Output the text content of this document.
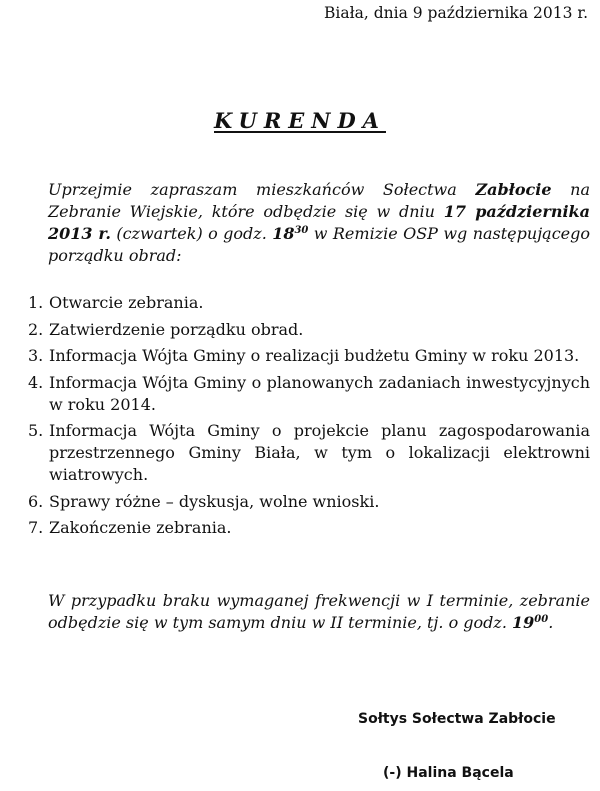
Biała, dnia 9 października 2013 r.
KURENDA
Uprzejmie zapraszam mieszkańców Sołectwa Zabłocie na Zebranie Wiejskie, które odbędzie się w dniu 17 października 2013 r. (czwartek) o godz. $18^{30}$ w Remizie OSP wg następującego porządku obrad:
1. Otwarcie zebrania.
2. Zatwierdzenie porządku obrad.
3. Informacja Wójta Gminy o realizacji budżetu Gminy w roku 2013.
4. Informacja Wójta Gminy o planowanych zadaniach inwestycyjnych w roku 2014.
5. Informacja Wójta Gminy o projekcie planu zagospodarowania przestrzennego Gminy Biała, w tym o lokalizacji elektrowni wiatrowych.
6. Sprawy różne – dyskusja, wolne wnioski.
7. Zakończenie zebrania.
W przypadku braku wymaganej frekwencji w I terminie, zebranie odbędzie się w tym samym dniu w II terminie, tj. o godz. $19^{00}$.
Sołtys Sołectwa Zabłocie
(-) Halina Bącela
